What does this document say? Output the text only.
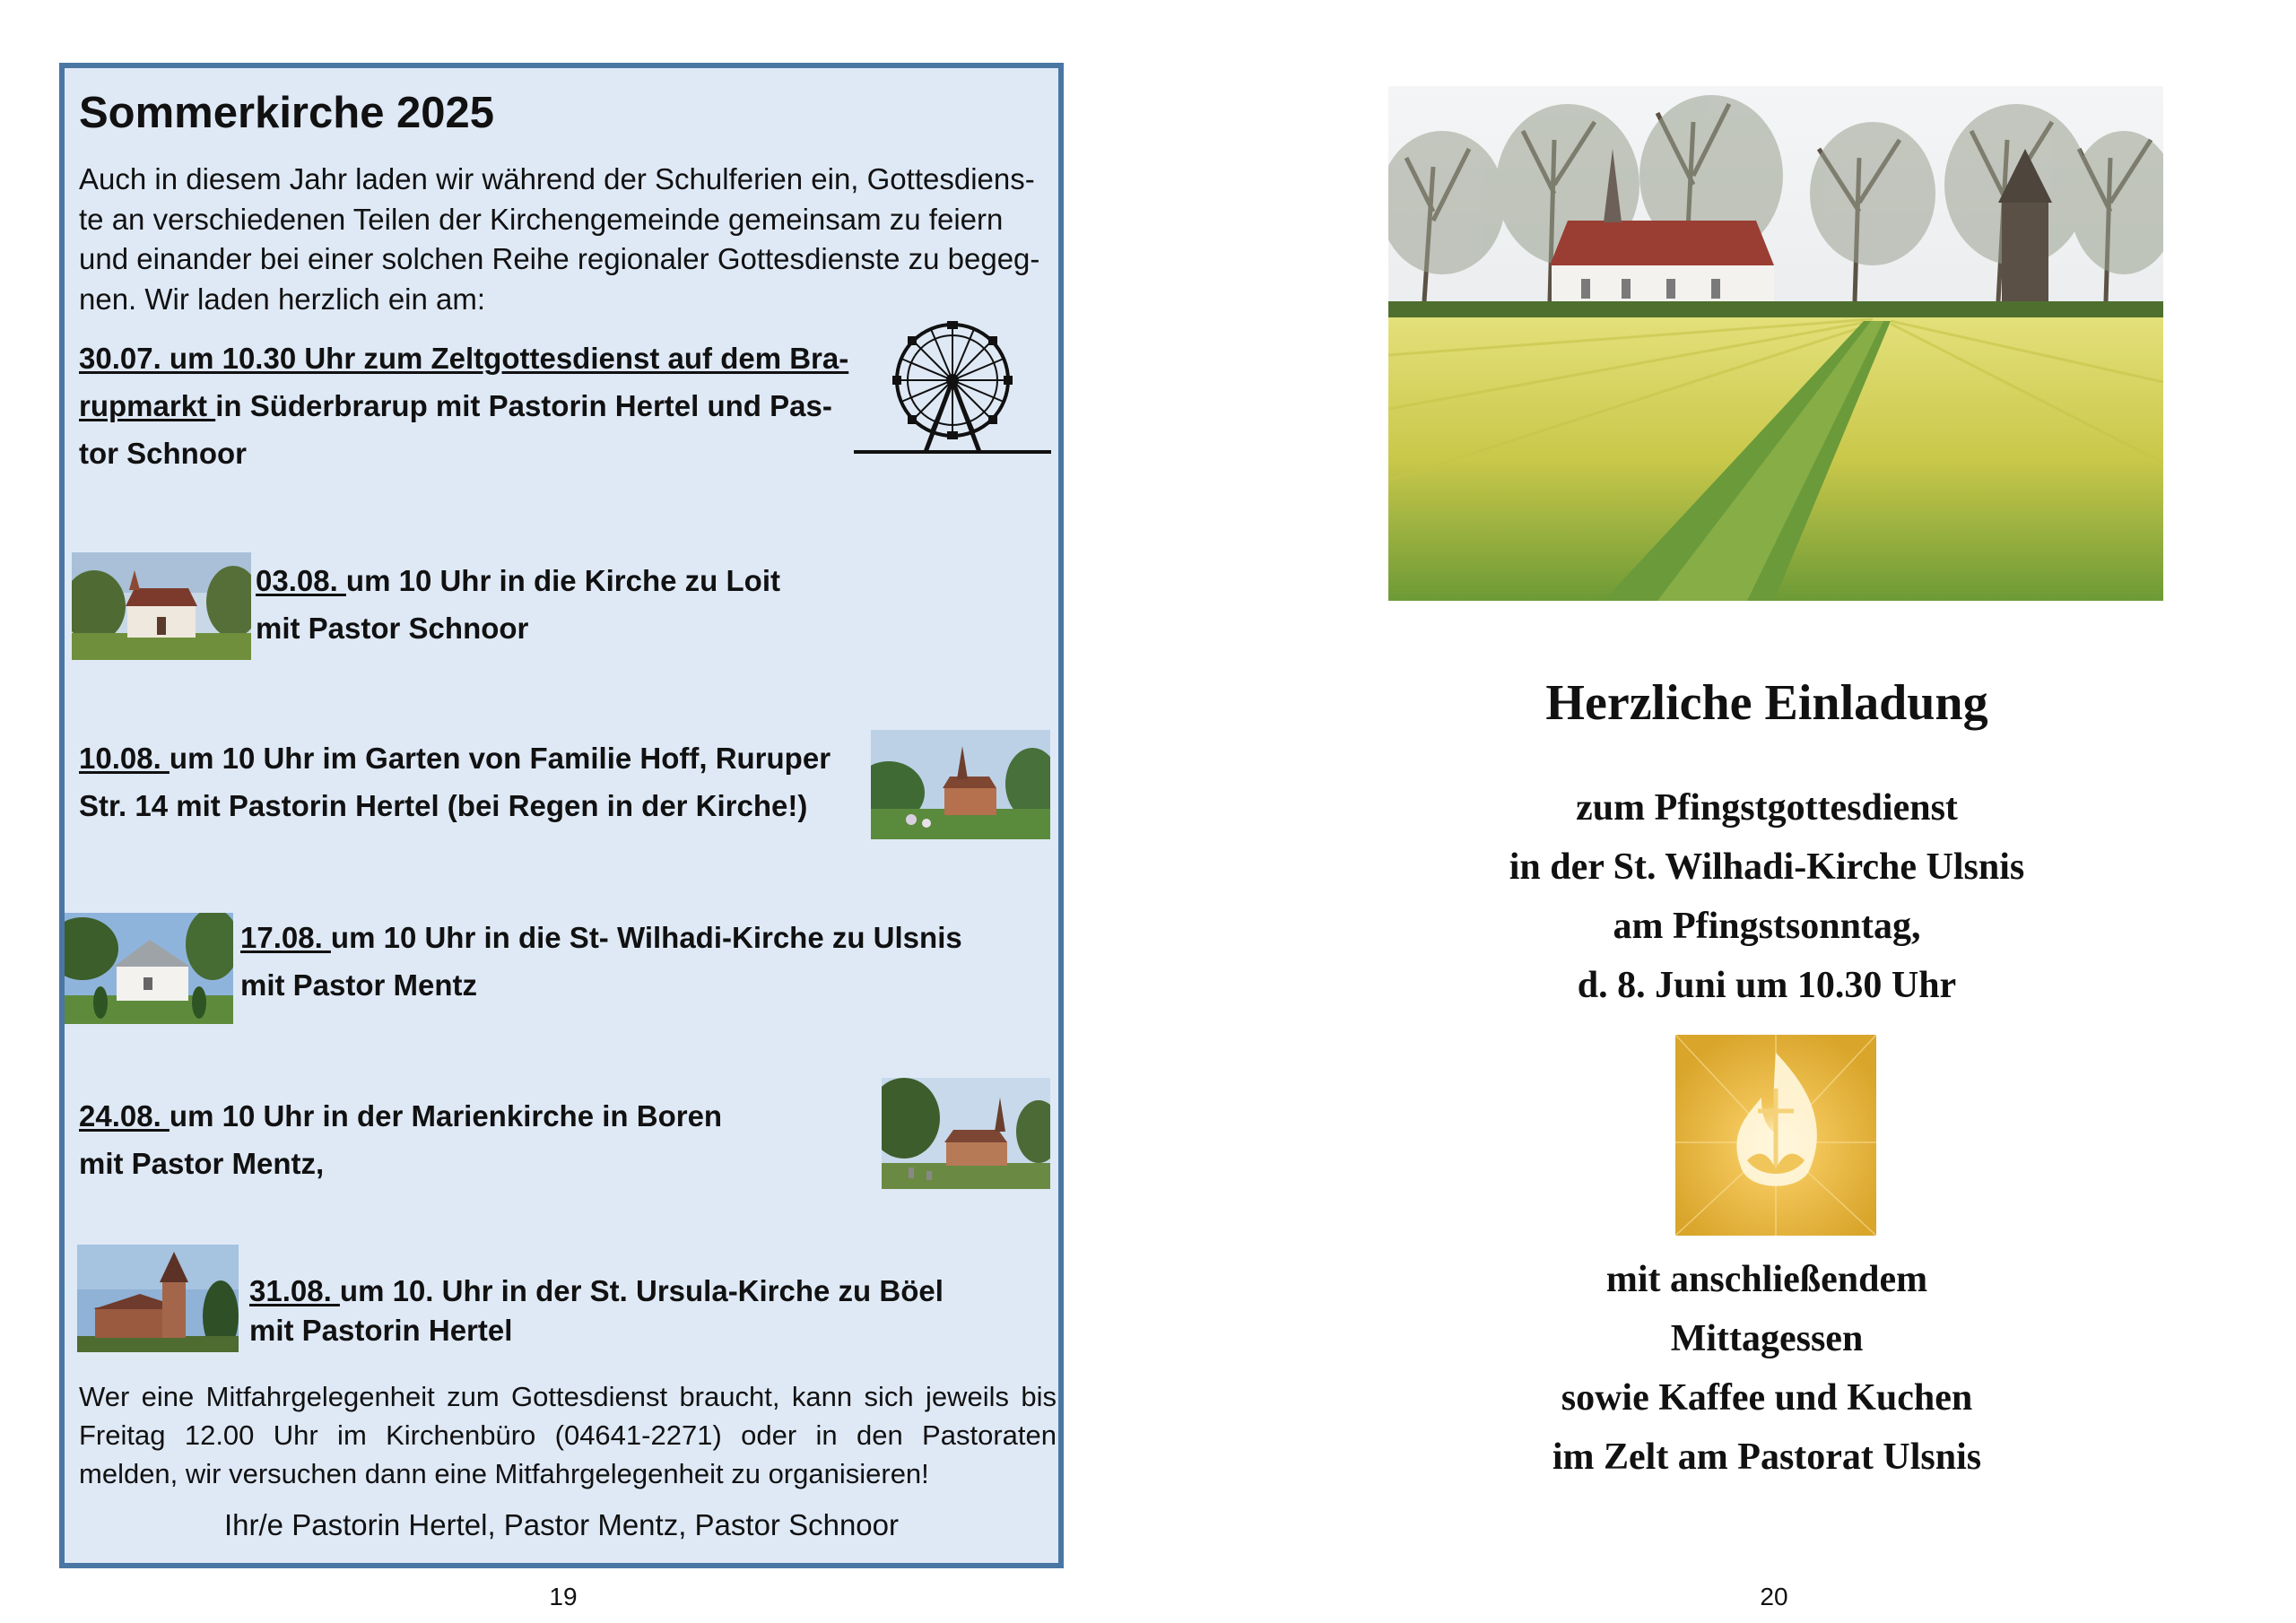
Sommerkirche 2025
Auch in diesem Jahr laden wir während der Schulferien ein, Gottesdiens-
te an verschiedenen Teilen der Kirchengemeinde gemeinsam zu feiern
und einander bei einer solchen Reihe regionaler Gottesdienste zu begeg-
nen. Wir laden herzlich ein am:
30.07. um 10.30 Uhr zum Zeltgottesdienst auf dem Bra-
rupmarkt in Süderbrarup mit Pastorin Hertel und Pas-
tor Schnoor
03.08. um 10 Uhr in die Kirche zu Loit
mit Pastor Schnoor
10.08. um 10 Uhr im Garten von Familie Hoff, Ruruper
Str. 14 mit Pastorin Hertel (bei Regen in der Kirche!)
17.08. um 10 Uhr in die St- Wilhadi-Kirche zu Ulsnis
mit Pastor Mentz
24.08. um 10 Uhr in der Marienkirche in Boren
mit Pastor Mentz,
31.08. um 10. Uhr in der St. Ursula-Kirche zu Böel
mit Pastorin Hertel

Wer eine Mitfahrgelegenheit zum Gottesdienst braucht, kann sich jeweils bis Freitag 12.00 Uhr im Kirchenbüro (04641-2271) oder in den Pastoraten melden, wir versuchen dann eine Mitfahrgelegenheit zu organisieren!

Ihr/e Pastorin Hertel, Pastor Mentz, Pastor Schnoor
19
Herzliche Einladung
zum Pfingstgottesdienst
in der St. Wilhadi-Kirche Ulsnis
am Pfingstsonntag,
d. 8. Juni um 10.30 Uhr
mit anschließendem
Mittagessen
sowie Kaffee und Kuchen
im Zelt am Pastorat Ulsnis
20
